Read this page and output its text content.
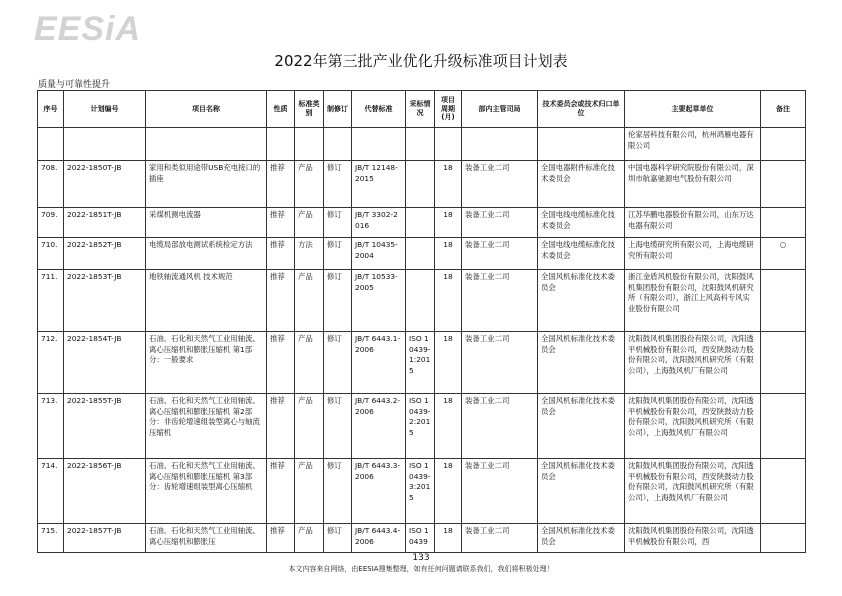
EESiA
2022年第三批产业优化升级标准项目计划表
质量与可靠性提升
序号	计划编号	项目名称	性质	标准类别	制修订	代替标准	采标情况	项目周期(月)	部内主管司局	技术委员会或技术归口单位	主要起草单位	备注
											伦家居科技有限公司，杭州鸿雁电器有限公司	
708.	2022-1850T-JB	家用和类似用途带USB充电接口的插座	推荐	产品	修订	JB/T 12148-2015		18	装备工业二司	全国电器附件标准化技术委员会	中国电器科学研究院股份有限公司，深圳市航嘉驰源电气股份有限公司	
709.	2022-1851T-JB	采煤机测电流器	推荐	产品	修订	JB/T 3302-2016		18	装备工业二司	全国电线电缆标准化技术委员会	江苏华鹏电器股份有限公司，山东万达电器有限公司	
710.	2022-1852T-JB	电缆局部放电测试系统检定方法	推荐	方法	修订	JB/T 10435-2004		18	装备工业二司	全国电线电缆标准化技术委员会	上海电缆研究所有限公司，上海电缆研究所有限公司	○
711.	2022-1853T-JB	地铁轴流通风机 技术规范	推荐	产品	修订	JB/T 10533-2005		18	装备工业二司	全国风机标准化技术委员会	浙江金盾风机股份有限公司，沈阳鼓风机集团股份有限公司，沈阳鼓风机研究所（有限公司），浙江上风高科专风实业股份有限公司	
712.	2022-1854T-JB	石油、石化和天然气工业用轴流、离心压缩机和膨胀压缩机 第1部分：一般要求	推荐	产品	修订	JB/T 6443.1-2006	ISO 10439-1:2015	18	装备工业二司	全国风机标准化技术委员会	沈阳鼓风机集团股份有限公司，沈阳透平机械股份有限公司，西安陕鼓动力股份有限公司，沈阳鼓风机研究所（有限公司），上海鼓风机厂有限公司	
713.	2022-1855T-JB	石油、石化和天然气工业用轴流、离心压缩机和膨胀压缩机 第2部分：非齿轮增速组装型离心与轴流压缩机	推荐	产品	修订	JB/T 6443.2-2006	ISO 10439-2:2015	18	装备工业二司	全国风机标准化技术委员会	沈阳鼓风机集团股份有限公司，沈阳透平机械股份有限公司，西安陕鼓动力股份有限公司，沈阳鼓风机研究所（有限公司），上海鼓风机厂有限公司	
714.	2022-1856T-JB	石油、石化和天然气工业用轴流、离心压缩机和膨胀压缩机 第3部分：齿轮增速组装型离心压缩机	推荐	产品	修订	JB/T 6443.3-2006	ISO 10439-3:2015	18	装备工业二司	全国风机标准化技术委员会	沈阳鼓风机集团股份有限公司，沈阳透平机械股份有限公司，西安陕鼓动力股份有限公司，沈阳鼓风机研究所（有限公司），上海鼓风机厂有限公司	
715.	2022-1857T-JB	石油、石化和天然气工业用轴流、离心压缩机和膨胀压	推荐	产品	修订	JB/T 6443.4-2006	ISO 10439	18	装备工业二司	全国风机标准化技术委员会	沈阳鼓风机集团股份有限公司，沈阳透平机械股份有限公司，西	
133
本文内容来自网络，由EESIA搜集整理，如有任何问题请联系我们，我们将积极处理！
